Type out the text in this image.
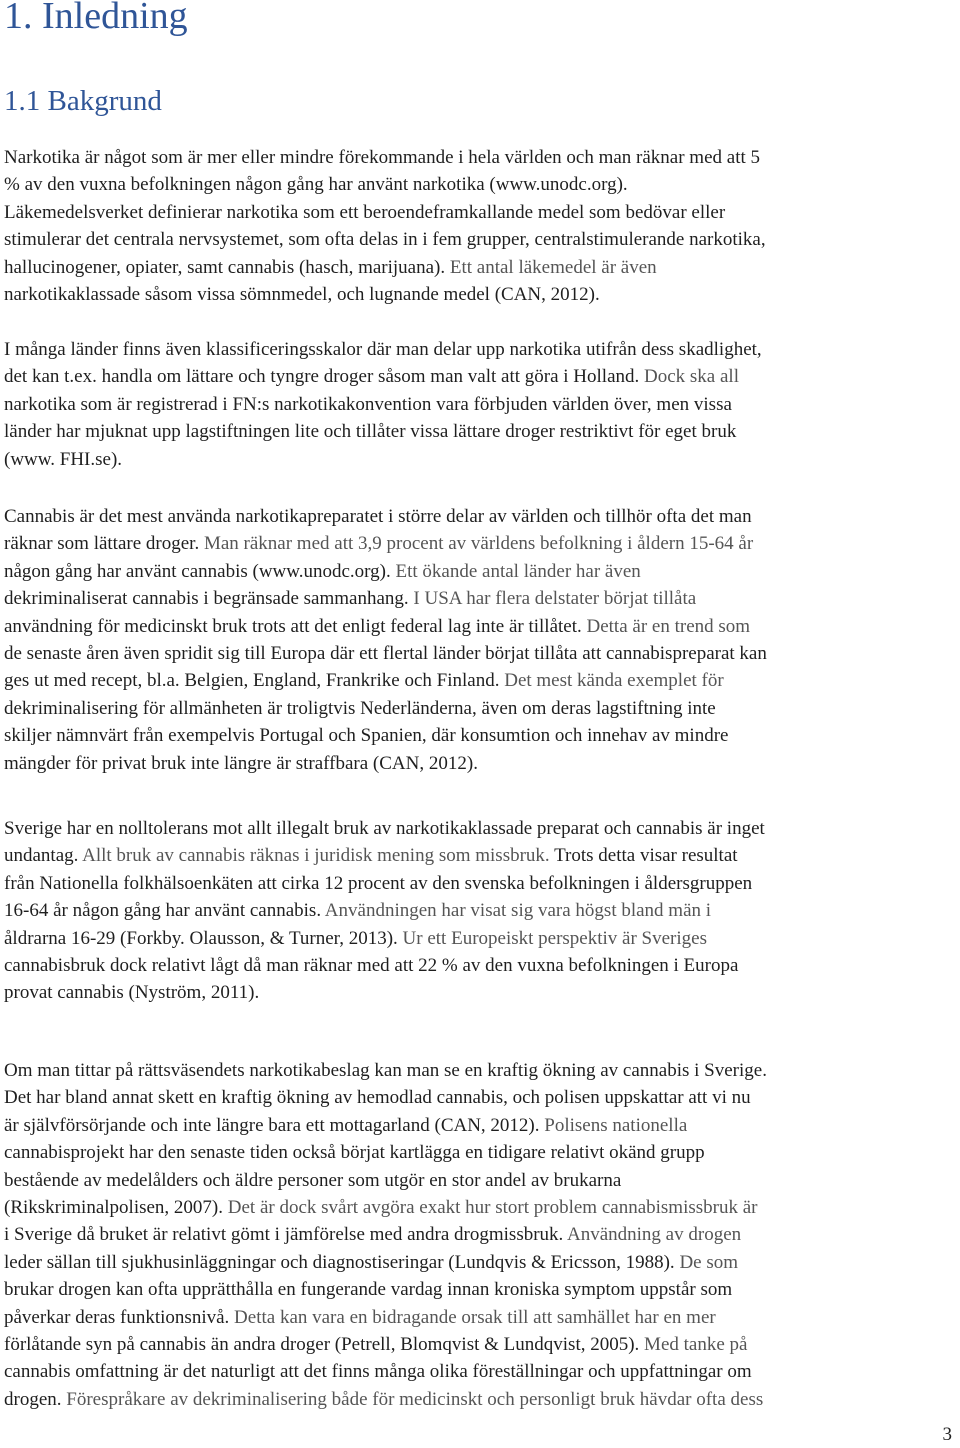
1. Inledning
1.1 Bakgrund
Narkotika är något som är mer eller mindre förekommande i hela världen och man räknar med att 5
% av den vuxna befolkningen någon gång har använt narkotika (www.unodc.org).
Läkemedelsverket definierar narkotika som ett beroendeframkallande medel som bedövar eller
stimulerar det centrala nervsystemet, som ofta delas in i fem grupper, centralstimulerande narkotika,
hallucinogener, opiater, samt cannabis (hasch, marijuana). Ett antal läkemedel är även
narkotikaklassade såsom vissa sömnmedel, och lugnande medel (CAN, 2012).
I många länder finns även klassificeringsskalor där man delar upp narkotika utifrån dess skadlighet,
det kan t.ex. handla om lättare och tyngre droger såsom man valt att göra i Holland. Dock ska all
narkotika som är registrerad i FN:s narkotikakonvention vara förbjuden världen över, men vissa
länder har mjuknat upp lagstiftningen lite och tillåter vissa lättare droger restriktivt för eget bruk
(www. FHI.se).
Cannabis är det mest använda narkotikapreparatet i större delar av världen och tillhör ofta det man
räknar som lättare droger. Man räknar med att 3,9 procent av världens befolkning i åldern 15-64 år
någon gång har använt cannabis (www.unodc.org). Ett ökande antal länder har även
dekriminaliserat cannabis i begränsade sammanhang. I USA har flera delstater börjat tillåta
användning för medicinskt bruk trots att det enligt federal lag inte är tillåtet. Detta är en trend som
de senaste åren även spridit sig till Europa där ett flertal länder börjat tillåta att cannabispreparat kan
ges ut med recept, bl.a. Belgien, England, Frankrike och Finland. Det mest kända exemplet för
dekriminalisering för allmänheten är troligtvis Nederländerna, även om deras lagstiftning inte
skiljer nämnvärt från exempelvis Portugal och Spanien, där konsumtion och innehav av mindre
mängder för privat bruk inte längre är straffbara (CAN, 2012).
Sverige har en nolltolerans mot allt illegalt bruk av narkotikaklassade preparat och cannabis är inget
undantag. Allt bruk av cannabis räknas i juridisk mening som missbruk. Trots detta visar resultat
från Nationella folkhälsoenkäten att cirka 12 procent av den svenska befolkningen i åldersgruppen
16-64 år någon gång har använt cannabis. Användningen har visat sig vara högst bland män i
åldrarna 16-29 (Forkby. Olausson, & Turner, 2013). Ur ett Europeiskt perspektiv är Sveriges
cannabisbruk dock relativt lågt då man räknar med att 22 % av den vuxna befolkningen i Europa
provat cannabis (Nyström, 2011).
Om man tittar på rättsväsendets narkotikabeslag kan man se en kraftig ökning av cannabis i Sverige.
Det har bland annat skett en kraftig ökning av hemodlad cannabis, och polisen uppskattar att vi nu
är självförsörjande och inte längre bara ett mottagarland (CAN, 2012). Polisens nationella
cannabisprojekt har den senaste tiden också börjat kartlägga en tidigare relativt okänd grupp
bestående av medelålders och äldre personer som utgör en stor andel av brukarna
(Rikskriminalpolisen, 2007). Det är dock svårt avgöra exakt hur stort problem cannabismissbruk är
i Sverige då bruket är relativt gömt i jämförelse med andra drogmissbruk. Användning av drogen
leder sällan till sjukhusinläggningar och diagnostiseringar (Lundqvis & Ericsson, 1988). De som
brukar drogen kan ofta upprätthålla en fungerande vardag innan kroniska symptom uppstår som
påverkar deras funktionsnivå. Detta kan vara en bidragande orsak till att samhället har en mer
förlåtande syn på cannabis än andra droger (Petrell, Blomqvist & Lundqvist, 2005). Med tanke på
cannabis omfattning är det naturligt att det finns många olika föreställningar och uppfattningar om
drogen. Förespråkare av dekriminalisering både för medicinskt och personligt bruk hävdar ofta dess
3
